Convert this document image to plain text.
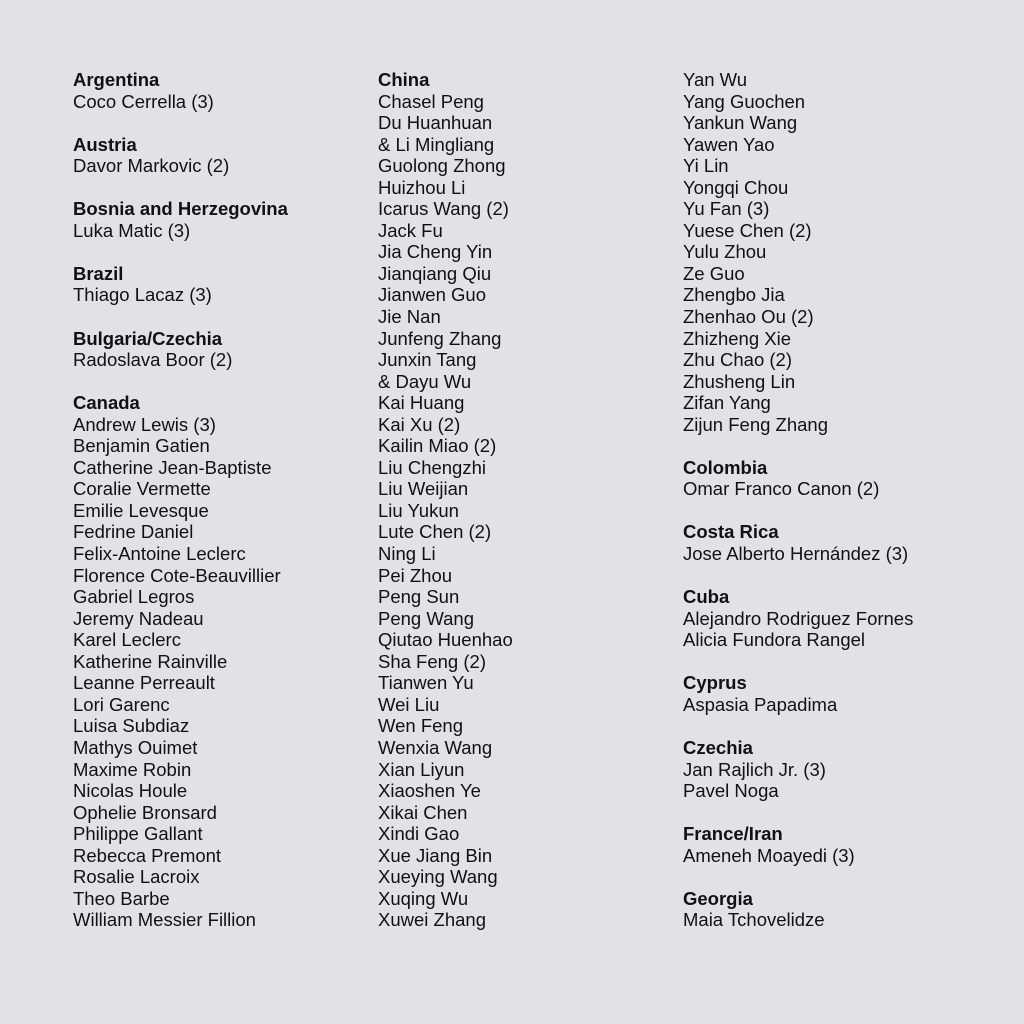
Argentina
Coco Cerrella (3)
Austria
Davor Markovic (2)
Bosnia and Herzegovina
Luka Matic (3)
Brazil
Thiago Lacaz (3)
Bulgaria/Czechia
Radoslava Boor (2)
Canada
Andrew Lewis (3)
Benjamin Gatien
Catherine Jean-Baptiste
Coralie Vermette
Emilie Levesque
Fedrine Daniel
Felix-Antoine Leclerc
Florence Cote-Beauvillier
Gabriel Legros
Jeremy Nadeau
Karel Leclerc
Katherine Rainville
Leanne Perreault
Lori Garenc
Luisa Subdiaz
Mathys Ouimet
Maxime Robin
Nicolas Houle
Ophelie Bronsard
Philippe Gallant
Rebecca Premont
Rosalie Lacroix
Theo Barbe
William Messier Fillion
China
Chasel Peng
Du Huanhuan
& Li Mingliang
Guolong Zhong
Huizhou Li
Icarus Wang (2)
Jack Fu
Jia Cheng Yin
Jianqiang Qiu
Jianwen Guo
Jie Nan
Junfeng Zhang
Junxin Tang
& Dayu Wu
Kai Huang
Kai Xu (2)
Kailin Miao (2)
Liu Chengzhi
Liu Weijian
Liu Yukun
Lute Chen (2)
Ning Li
Pei Zhou
Peng Sun
Peng Wang
Qiutao Huenhao
Sha Feng (2)
Tianwen Yu
Wei Liu
Wen Feng
Wenxia Wang
Xian Liyun
Xiaoshen Ye
Xikai Chen
Xindi Gao
Xue Jiang Bin
Xueying Wang
Xuqing Wu
Xuwei Zhang
Yan Wu
Yang Guochen
Yankun Wang
Yawen Yao
Yi Lin
Yongqi Chou
Yu Fan (3)
Yuese Chen (2)
Yulu Zhou
Ze Guo
Zhengbo Jia
Zhenhao Ou (2)
Zhizheng Xie
Zhu Chao (2)
Zhusheng Lin
Zifan Yang
Zijun Feng Zhang
Colombia
Omar Franco Canon (2)
Costa Rica
Jose Alberto Hernández (3)
Cuba
Alejandro Rodriguez Fornes
Alicia Fundora Rangel
Cyprus
Aspasia Papadima
Czechia
Jan Rajlich Jr. (3)
Pavel Noga
France/Iran
Ameneh Moayedi (3)
Georgia
Maia Tchovelidze
